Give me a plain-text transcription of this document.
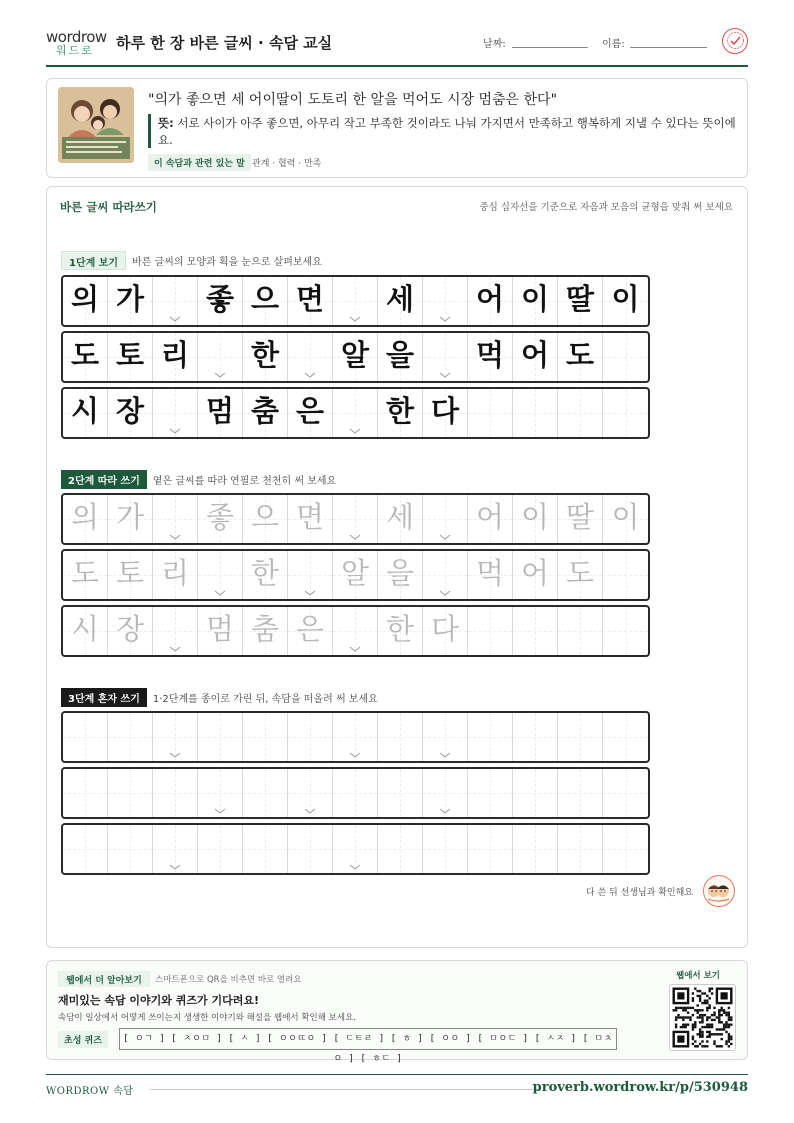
wordrow
워드로 하루 한 장 바른 글씨 · 속담 교실	날짜:	이름:
"의가 좋으면 세 어이딸이 도토리 한 알을 먹어도 시장 멈춤은 한다"
뜻: 서로 사이가 아주 좋으면, 아무리 작고 부족한 것이라도 나눠 가지면서 만족하고 행복하게 지낼 수 있다는 뜻이에요.
이 속담과 관련 있는 말 관계 · 협력 · 만족
바른 글씨 따라쓰기	중심 십자선을 기준으로 자음과 모음의 균형을 맞춰 써 보세요
1단계 보기 바른 글씨의 모양과 획을 눈으로 살펴보세요
의 가 좋 으 면 세 어 이 딸 이
도 토 리 한 알 을 먹 어 도
시 장 멈 춤 은 한 다
2단계 따라 쓰기 옅은 글씨를 따라 연필로 천천히 써 보세요
의 가 좋 으 면 세 어 이 딸 이
도 토 리 한 알 을 먹 어 도
시 장 멈 춤 은 한 다
3단계 혼자 쓰기 1·2단계를 종이로 가린 뒤, 속담을 떠올려 써 보세요
다 쓴 뒤 선생님과 확인해요
웹에서 더 알아보기	스마트폰으로 QR을 비추면 바로 열려요
재미있는 속담 이야기와 퀴즈가 기다려요!
속담이 일상에서 어떻게 쓰이는지 생생한 이야기와 해설을 웹에서 확인해 보세요.
초성 퀴즈	[ ㅇㄱ ] [ ㅈㅇㅁ ] [ ㅅ ] [ ㅇㅇㄸㅇ ] [ ㄷㅌㄹ ] [ ㅎ ] [ ㅇㅇ ] [ ㅁㅇㄷ ] [ ㅅㅈ ] [ ㅁㅊㅇ ] [ ㅎㄷ ]
웹에서 보기
WORDROW 속담	proverb.wordrow.kr/p/530948
